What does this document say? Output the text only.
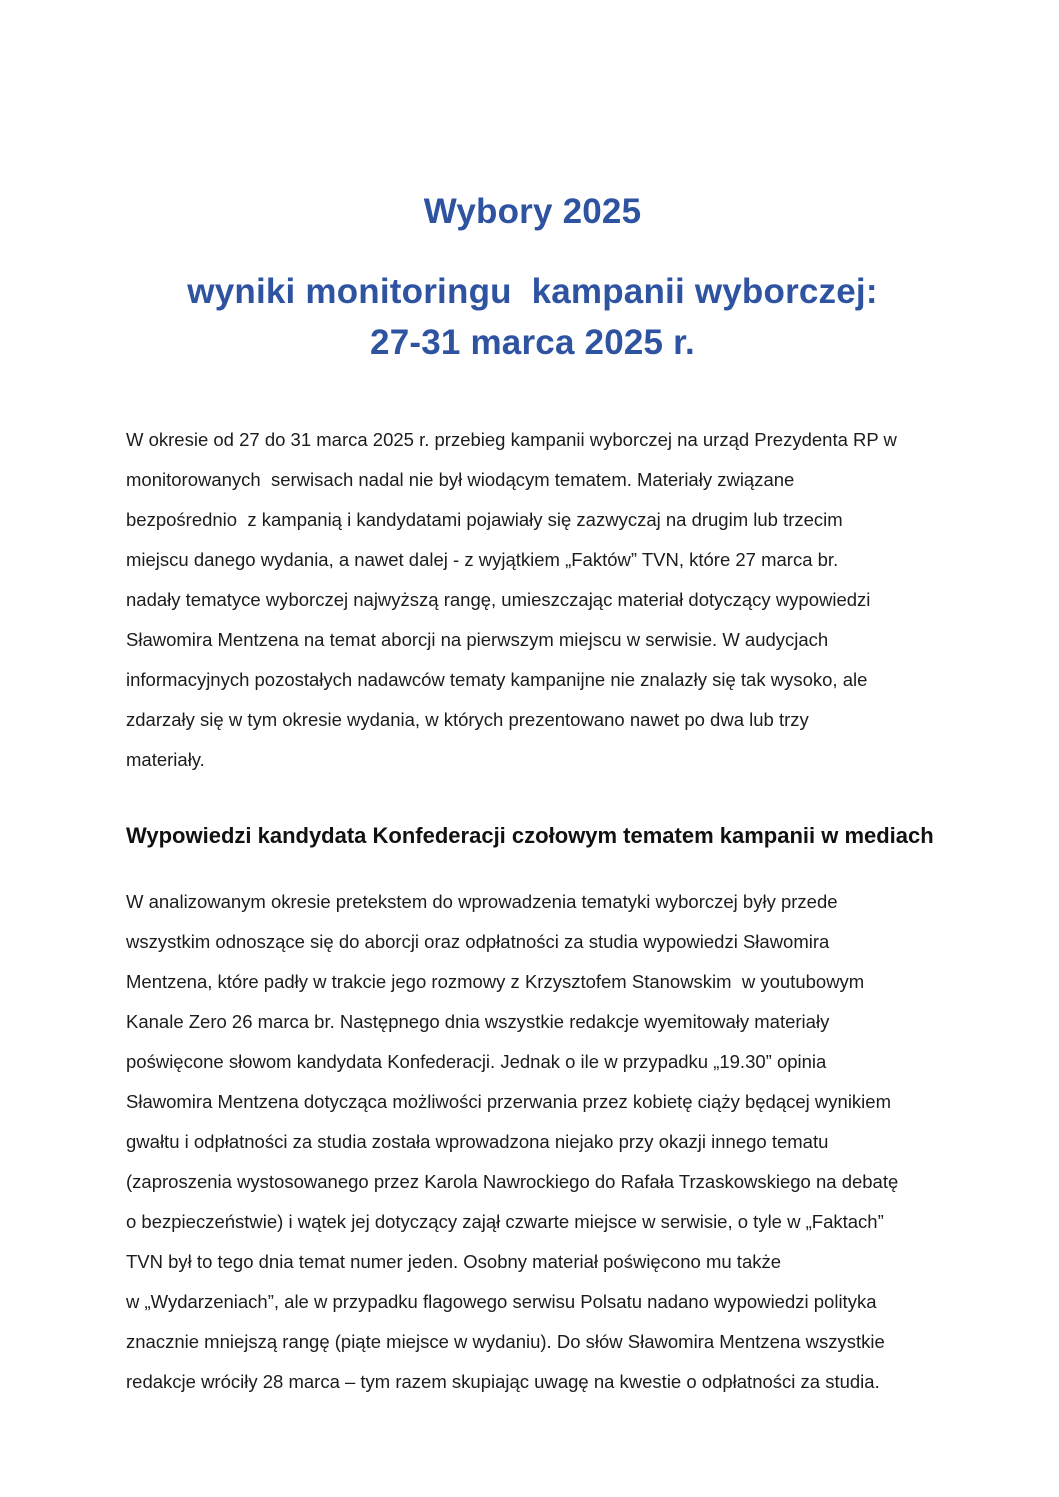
Wybory 2025
wyniki monitoringu  kampanii wyborczej:
27-31 marca 2025 r.
W okresie od 27 do 31 marca 2025 r. przebieg kampanii wyborczej na urząd Prezydenta RP w
monitorowanych  serwisach nadal nie był wiodącym tematem. Materiały związane
bezpośrednio  z kampanią i kandydatami pojawiały się zazwyczaj na drugim lub trzecim
miejscu danego wydania, a nawet dalej - z wyjątkiem „Faktów” TVN, które 27 marca br.
nadały tematyce wyborczej najwyższą rangę, umieszczając materiał dotyczący wypowiedzi
Sławomira Mentzena na temat aborcji na pierwszym miejscu w serwisie. W audycjach
informacyjnych pozostałych nadawców tematy kampanijne nie znalazły się tak wysoko, ale
zdarzały się w tym okresie wydania, w których prezentowano nawet po dwa lub trzy
materiały.
Wypowiedzi kandydata Konfederacji czołowym tematem kampanii w mediach
W analizowanym okresie pretekstem do wprowadzenia tematyki wyborczej były przede
wszystkim odnoszące się do aborcji oraz odpłatności za studia wypowiedzi Sławomira
Mentzena, które padły w trakcie jego rozmowy z Krzysztofem Stanowskim  w youtubowym
Kanale Zero 26 marca br. Następnego dnia wszystkie redakcje wyemitowały materiały
poświęcone słowom kandydata Konfederacji. Jednak o ile w przypadku „19.30” opinia
Sławomira Mentzena dotycząca możliwości przerwania przez kobietę ciąży będącej wynikiem
gwałtu i odpłatności za studia została wprowadzona niejako przy okazji innego tematu
(zaproszenia wystosowanego przez Karola Nawrockiego do Rafała Trzaskowskiego na debatę
o bezpieczeństwie) i wątek jej dotyczący zajął czwarte miejsce w serwisie, o tyle w „Faktach”
TVN był to tego dnia temat numer jeden. Osobny materiał poświęcono mu także
w „Wydarzeniach”, ale w przypadku flagowego serwisu Polsatu nadano wypowiedzi polityka
znacznie mniejszą rangę (piąte miejsce w wydaniu). Do słów Sławomira Mentzena wszystkie
redakcje wróciły 28 marca – tym razem skupiając uwagę na kwestie o odpłatności za studia.
